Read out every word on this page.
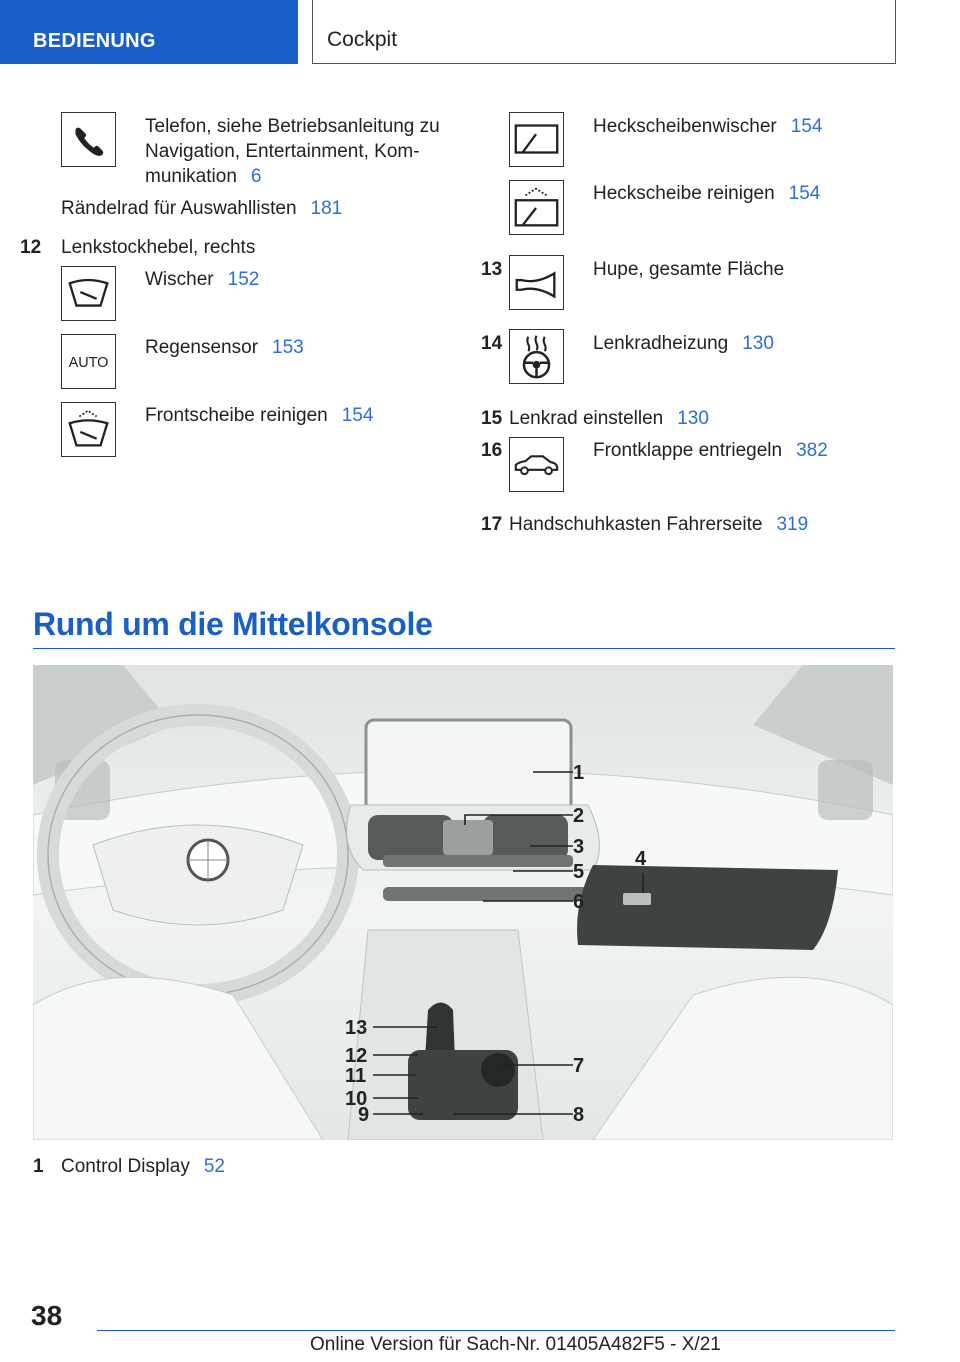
BEDIENUNG	Cockpit
Telefon, siehe Betriebsanleitung zu
Navigation, Entertainment, Kom-
munikation 6
Rändelrad für Auswahllisten 181
12 Lenkstockhebel, rechts
Wischer 152
AUTO
Regensensor 153
Frontscheibe reinigen 154
Heckscheibenwischer 154
Heckscheibe reinigen 154
13	Hupe, gesamte Fläche
14	Lenkradheizung 130
15 Lenkrad einstellen 130
16	Frontklappe entriegeln 382
17 Handschuhkasten Fahrerseite 319
Rund um die Mittelkonsole
1
2
3
5
6
4
13
12
11
10
9
7
8
1 Control Display 52
38
Online Version für Sach-Nr. 01405A482F5 - X/21
